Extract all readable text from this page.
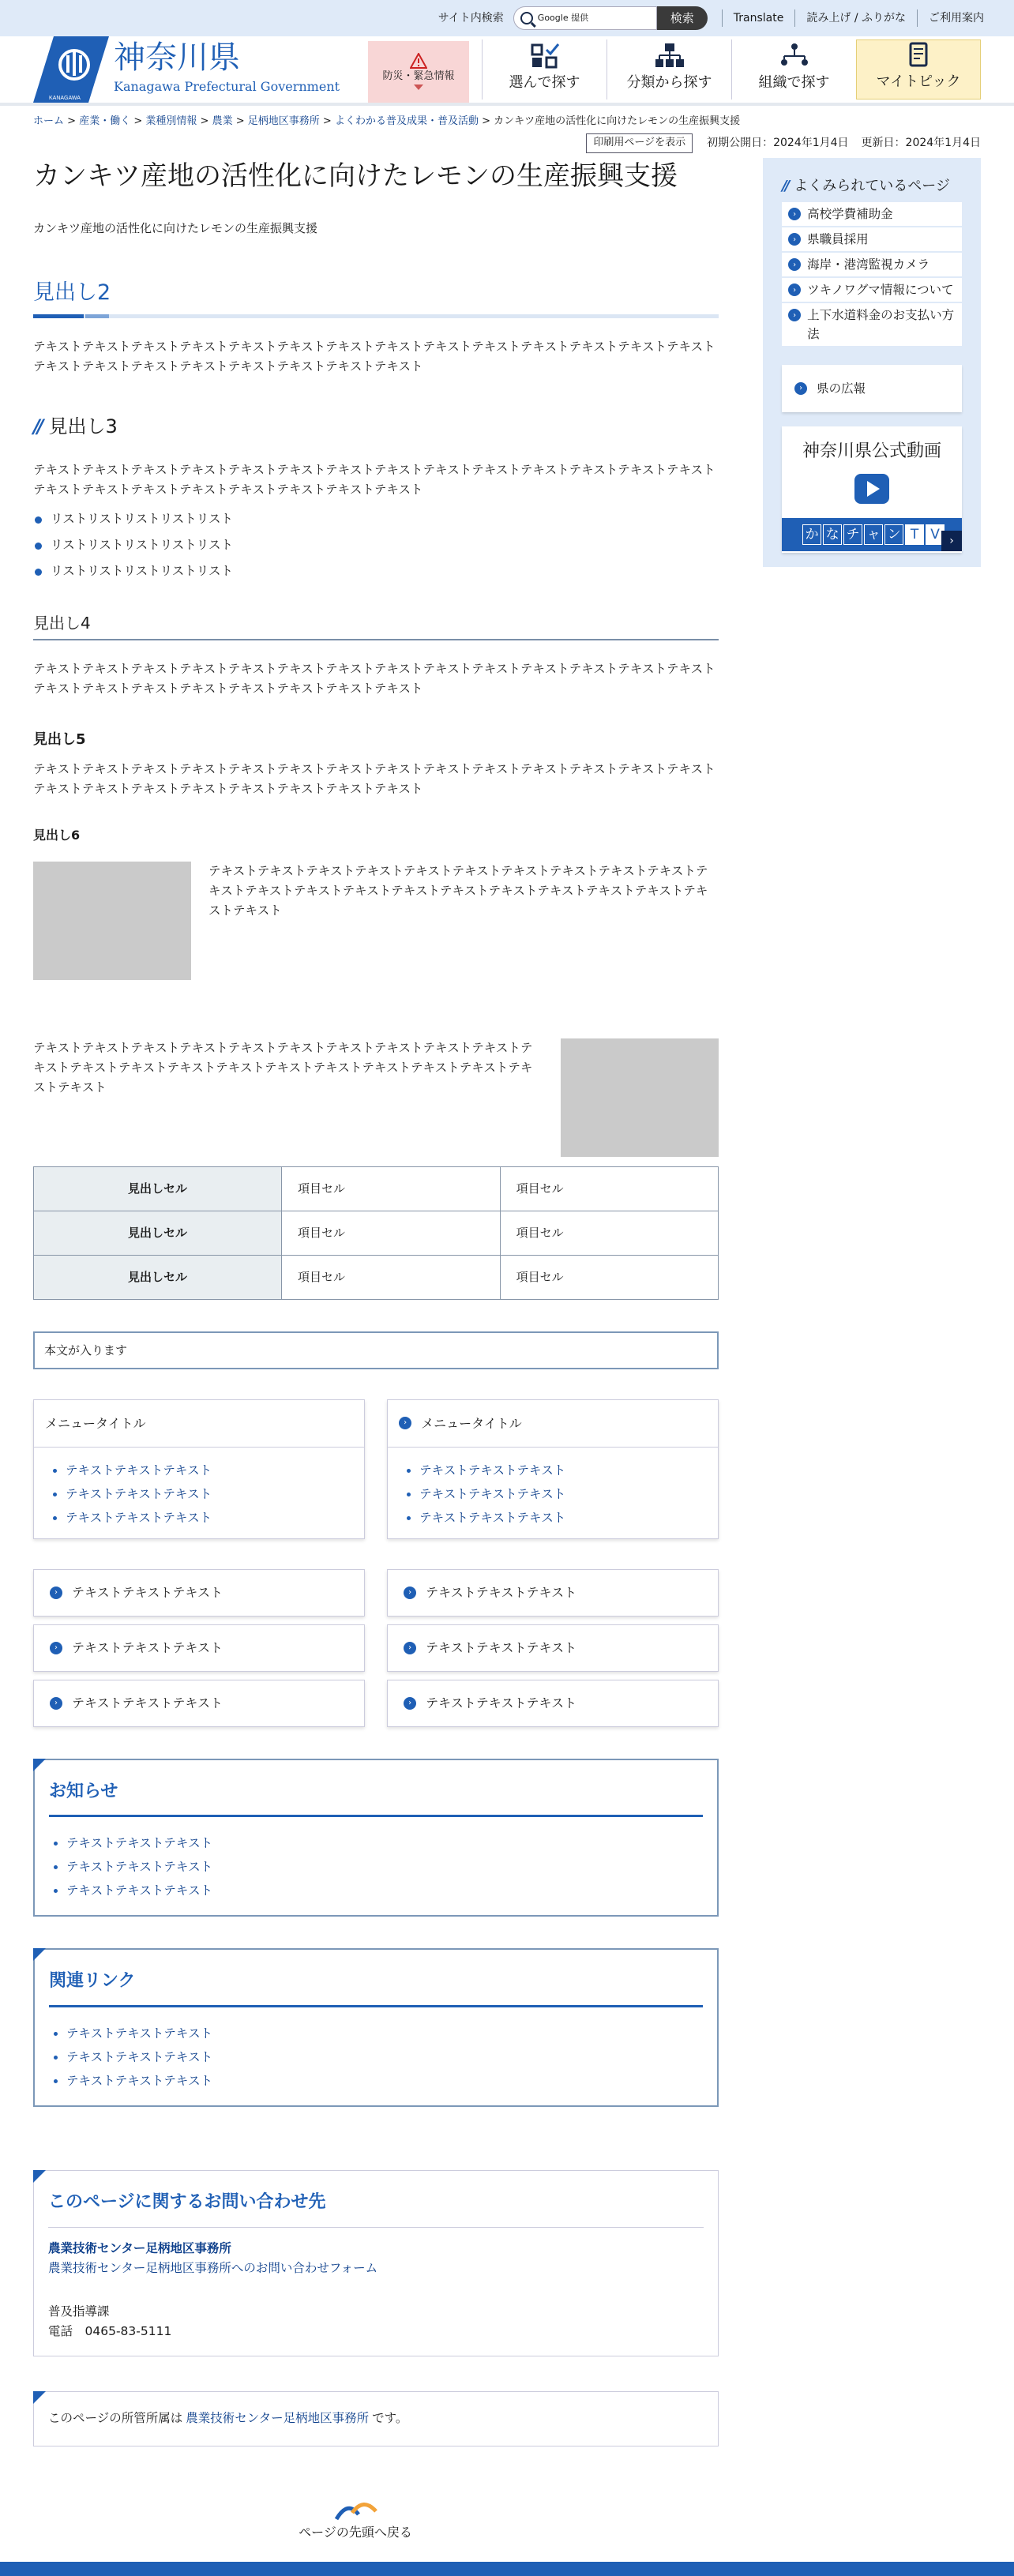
サイト内検索	Google 提供	検索	Translate	読み上げ / ふりがな	ご利用案内
KANAGAWA
神奈川県
Kanagawa Prefectural Government
防災・緊急情報	選んで探す	分類から探す	組織で探す	マイトピック
ホーム > 産業・働く > 業種別情報 > 農業 > 足柄地区事務所 > よくわかる普及成果・普及活動 > カンキツ産地の活性化に向けたレモンの生産振興支援
印刷用ページを表示	初期公開日：2024年1月4日 更新日：2024年1月4日
カンキツ産地の活性化に向けたレモンの生産振興支援
カンキツ産地の活性化に向けたレモンの生産振興支援
見出し2

テキストテキストテキストテキストテキストテキストテキストテキストテキストテキストテキストテキストテキストテキストテキストテキストテキストテキストテキストテキストテキストテキスト

// 見出し3

テキストテキストテキストテキストテキストテキストテキストテキストテキストテキストテキストテキストテキストテキストテキストテキストテキストテキストテキストテキストテキストテキスト

リストリストリストリストリスト
リストリストリストリストリスト
リストリストリストリストリスト
見出し4

テキストテキストテキストテキストテキストテキストテキストテキストテキストテキストテキストテキストテキストテキストテキストテキストテキストテキストテキストテキストテキストテキスト

見出し5

テキストテキストテキストテキストテキストテキストテキストテキストテキストテキストテキストテキストテキストテキストテキストテキストテキストテキストテキストテキストテキストテキスト

見出し6
テキストテキストテキストテキストテキストテキストテキストテキストテキストテキストテキストテキストテキストテキストテキストテキストテキストテキストテキストテキストテキストテキスト
テキストテキストテキストテキストテキストテキストテキストテキストテキストテキストテキストテキストテキストテキストテキストテキストテキストテキストテキストテキストテキストテキスト
見出しセル	項目セル	項目セル
見出しセル	項目セル	項目セル
見出しセル	項目セル	項目セル
本文が入ります
メニュータイトル
• テキストテキストテキスト
• テキストテキストテキスト
• テキストテキストテキスト
›	メニュータイトル
• テキストテキストテキスト
• テキストテキストテキスト
• テキストテキストテキスト
›	テキストテキストテキスト	›	テキストテキストテキスト
›	テキストテキストテキスト	›	テキストテキストテキスト
›	テキストテキストテキスト	›	テキストテキストテキスト
お知らせ
• テキストテキストテキスト
• テキストテキストテキスト
• テキストテキストテキスト
関連リンク
• テキストテキストテキスト
• テキストテキストテキスト
• テキストテキストテキスト
このページに関するお問い合わせ先
農業技術センター足柄地区事務所
農業技術センター足柄地区事務所へのお問い合わせフォーム
普及指導課
電話　0465-83-5111
このページの所管所属は 農業技術センター足柄地区事務所 です。
// よくみられているページ
› 高校学費補助金
› 県職員採用
› 海岸・港湾監視カメラ
› ツキノワグマ情報について
› 上下水道料金のお支払い方法
›	県の広報
神奈川県公式動画
か な チ ャ ン T V ›
ページの先頭へ戻る
